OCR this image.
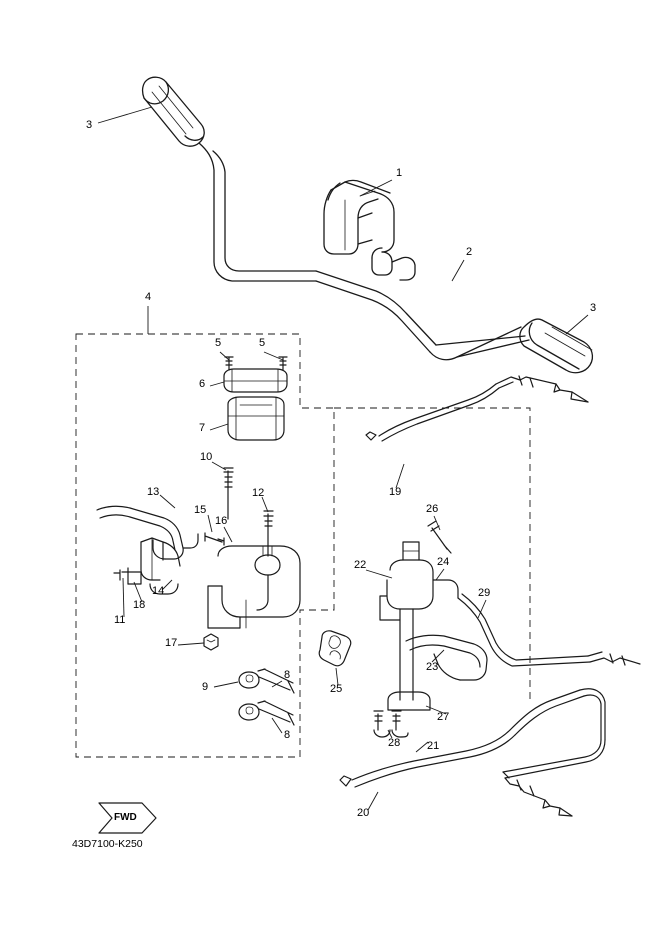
3
1
2
3
4
5	5
6
7
10
19
13	12
26
15
16
22	24
29
14
18
11
17
25
23
9
8
27
8
28 21
20
FWD
43D7100-K250
